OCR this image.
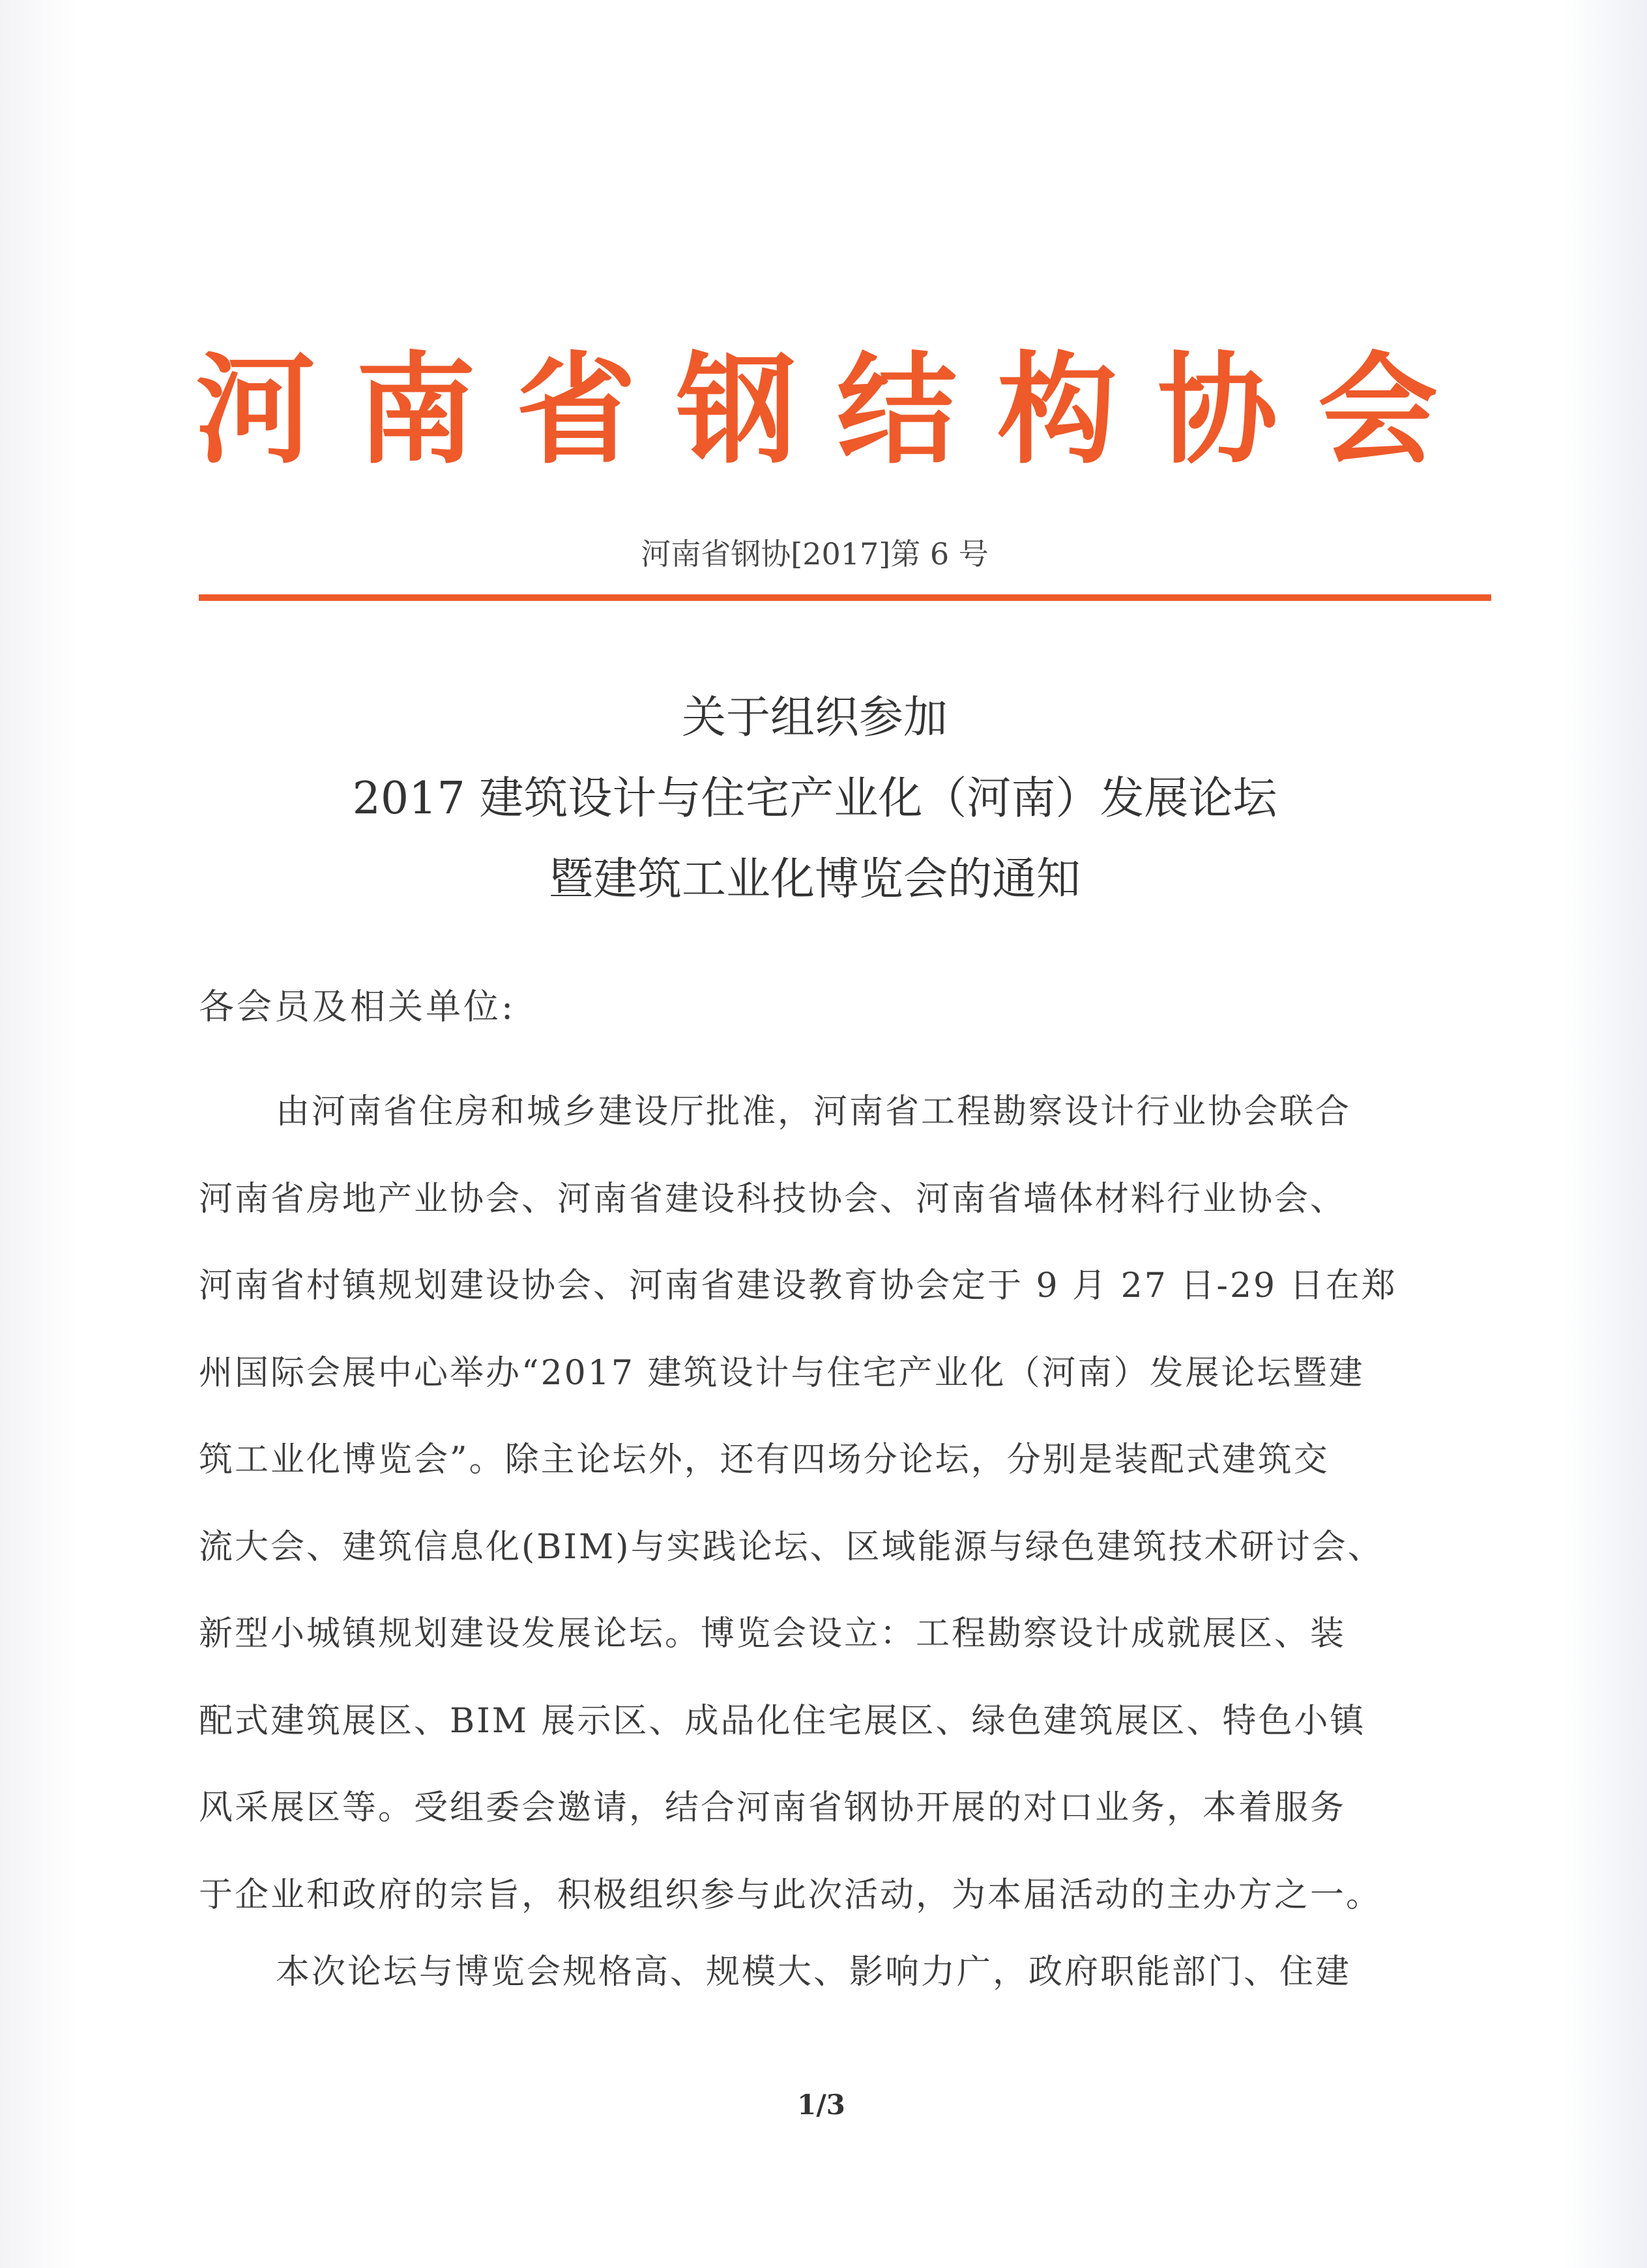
河南省钢结构协会
河南省钢协[2017]第 6 号
关于组织参加
2017 建筑设计与住宅产业化（河南）发展论坛
暨建筑工业化博览会的通知
各会员及相关单位:
由河南省住房和城乡建设厅批准，河南省工程勘察设计行业协会联合
河南省房地产业协会、河南省建设科技协会、河南省墙体材料行业协会、
河南省村镇规划建设协会、河南省建设教育协会定于 9 月 27 日-29 日在郑
州国际会展中心举办“2017 建筑设计与住宅产业化（河南）发展论坛暨建
筑工业化博览会”。除主论坛外，还有四场分论坛，分别是装配式建筑交
流大会、建筑信息化(BIM)与实践论坛、区域能源与绿色建筑技术研讨会、
新型小城镇规划建设发展论坛。博览会设立：工程勘察设计成就展区、装
配式建筑展区、BIM 展示区、成品化住宅展区、绿色建筑展区、特色小镇
风采展区等。受组委会邀请，结合河南省钢协开展的对口业务，本着服务
于企业和政府的宗旨，积极组织参与此次活动，为本届活动的主办方之一。
本次论坛与博览会规格高、规模大、影响力广，政府职能部门、住建
1/3
